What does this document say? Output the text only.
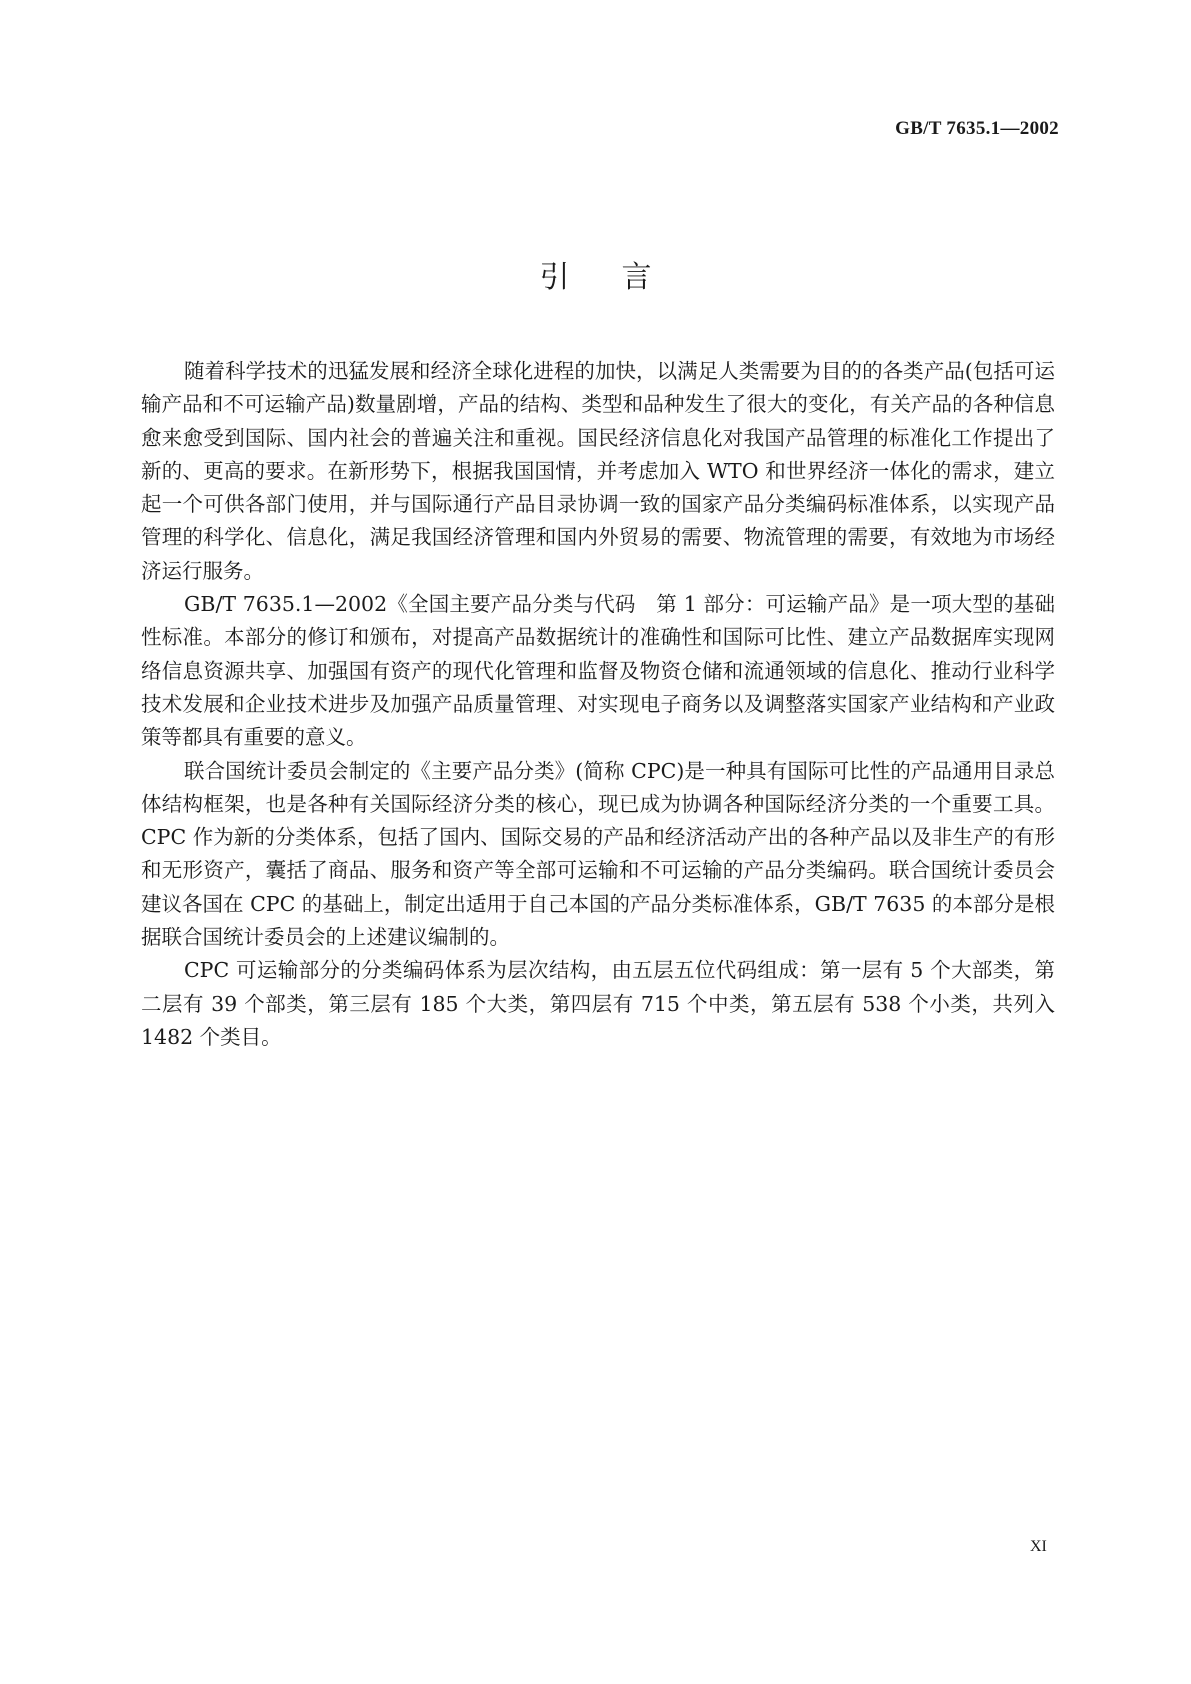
GB/T 7635.1—2002
引言

随着科学技术的迅猛发展和经济全球化进程的加快，以满足人类需要为目的的各类产品(包括可运输产品和不可运输产品)数量剧增，产品的结构、类型和品种发生了很大的变化，有关产品的各种信息愈来愈受到国际、国内社会的普遍关注和重视。国民经济信息化对我国产品管理的标准化工作提出了新的、更高的要求。在新形势下，根据我国国情，并考虑加入 WTO 和世界经济一体化的需求，建立起一个可供各部门使用，并与国际通行产品目录协调一致的国家产品分类编码标准体系，以实现产品管理的科学化、信息化，满足我国经济管理和国内外贸易的需要、物流管理的需要，有效地为市场经济运行服务。

GB/T 7635.1—2002《全国主要产品分类与代码　第 1 部分：可运输产品》是一项大型的基础性标准。本部分的修订和颁布，对提高产品数据统计的准确性和国际可比性、建立产品数据库实现网络信息资源共享、加强国有资产的现代化管理和监督及物资仓储和流通领域的信息化、推动行业科学技术发展和企业技术进步及加强产品质量管理、对实现电子商务以及调整落实国家产业结构和产业政策等都具有重要的意义。

联合国统计委员会制定的《主要产品分类》(简称 CPC)是一种具有国际可比性的产品通用目录总体结构框架，也是各种有关国际经济分类的核心，现已成为协调各种国际经济分类的一个重要工具。CPC 作为新的分类体系，包括了国内、国际交易的产品和经济活动产出的各种产品以及非生产的有形和无形资产，囊括了商品、服务和资产等全部可运输和不可运输的产品分类编码。联合国统计委员会建议各国在 CPC 的基础上，制定出适用于自己本国的产品分类标准体系，GB/T 7635 的本部分是根据联合国统计委员会的上述建议编制的。

CPC 可运输部分的分类编码体系为层次结构，由五层五位代码组成：第一层有 5 个大部类，第二层有 39 个部类，第三层有 185 个大类，第四层有 715 个中类，第五层有 538 个小类，共列入 1482 个类目。

XI
